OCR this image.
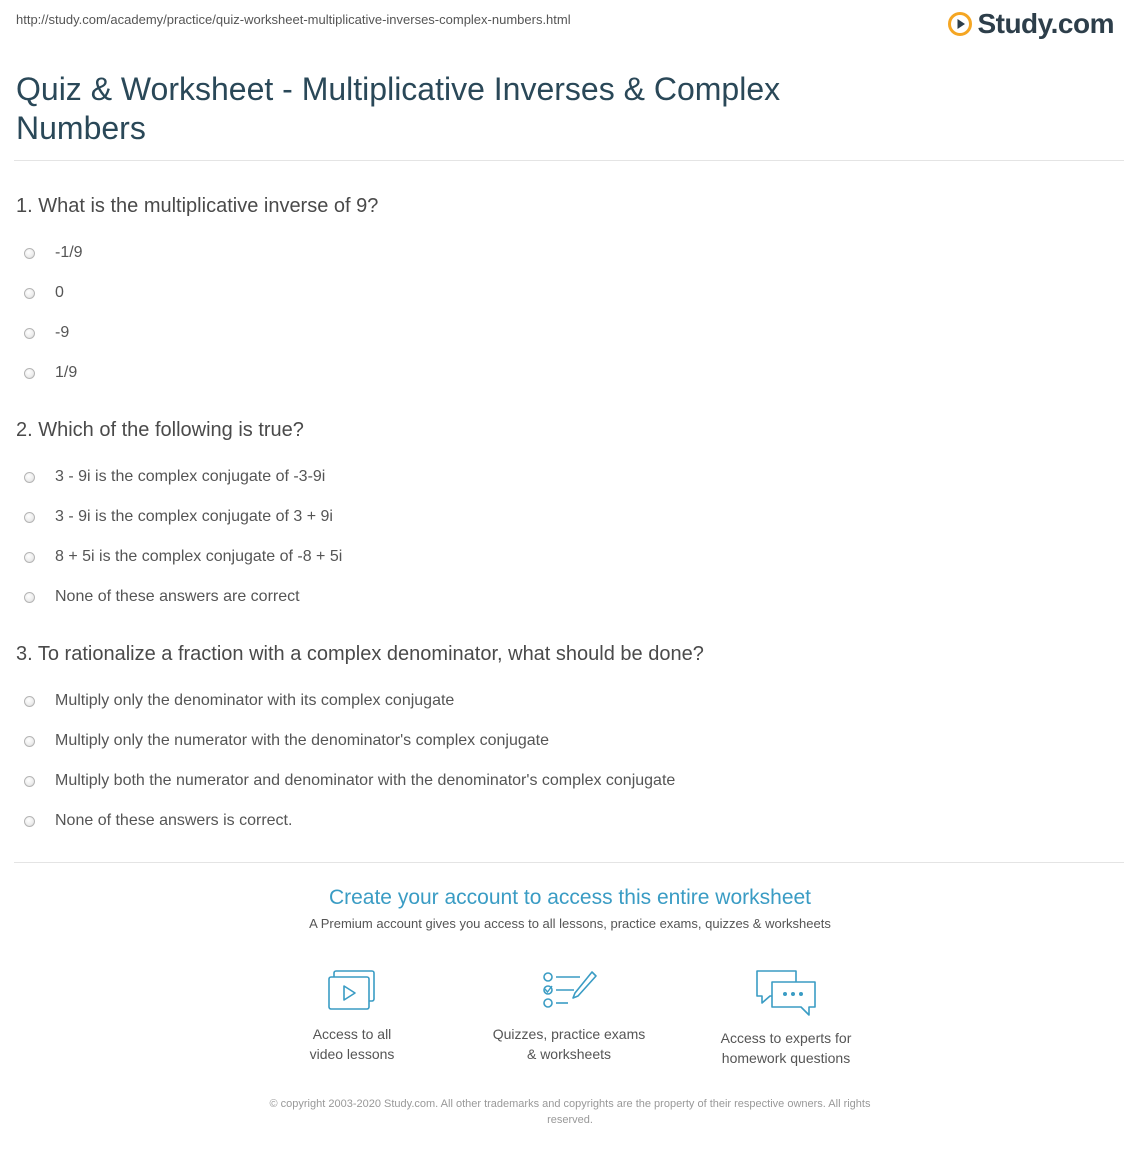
http://study.com/academy/practice/quiz-worksheet-multiplicative-inverses-complex-numbers.html	Study.com
Quiz & Worksheet - Multiplicative Inverses & Complex Numbers
1. What is the multiplicative inverse of 9?
-1/9
0
-9
1/9
2. Which of the following is true?
3 - 9i is the complex conjugate of -3-9i
3 - 9i is the complex conjugate of 3 + 9i
8 + 5i is the complex conjugate of -8 + 5i
None of these answers are correct
3. To rationalize a fraction with a complex denominator, what should be done?
Multiply only the denominator with its complex conjugate
Multiply only the numerator with the denominator's complex conjugate
Multiply both the numerator and denominator with the denominator's complex conjugate
None of these answers is correct.
Create your account to access this entire worksheet
A Premium account gives you access to all lessons, practice exams, quizzes & worksheets
Access to all
video lessons
Quizzes, practice exams
& worksheets
Access to experts for
homework questions
© copyright 2003-2020 Study.com. All other trademarks and copyrights are the property of their respective owners. All rights
reserved.
